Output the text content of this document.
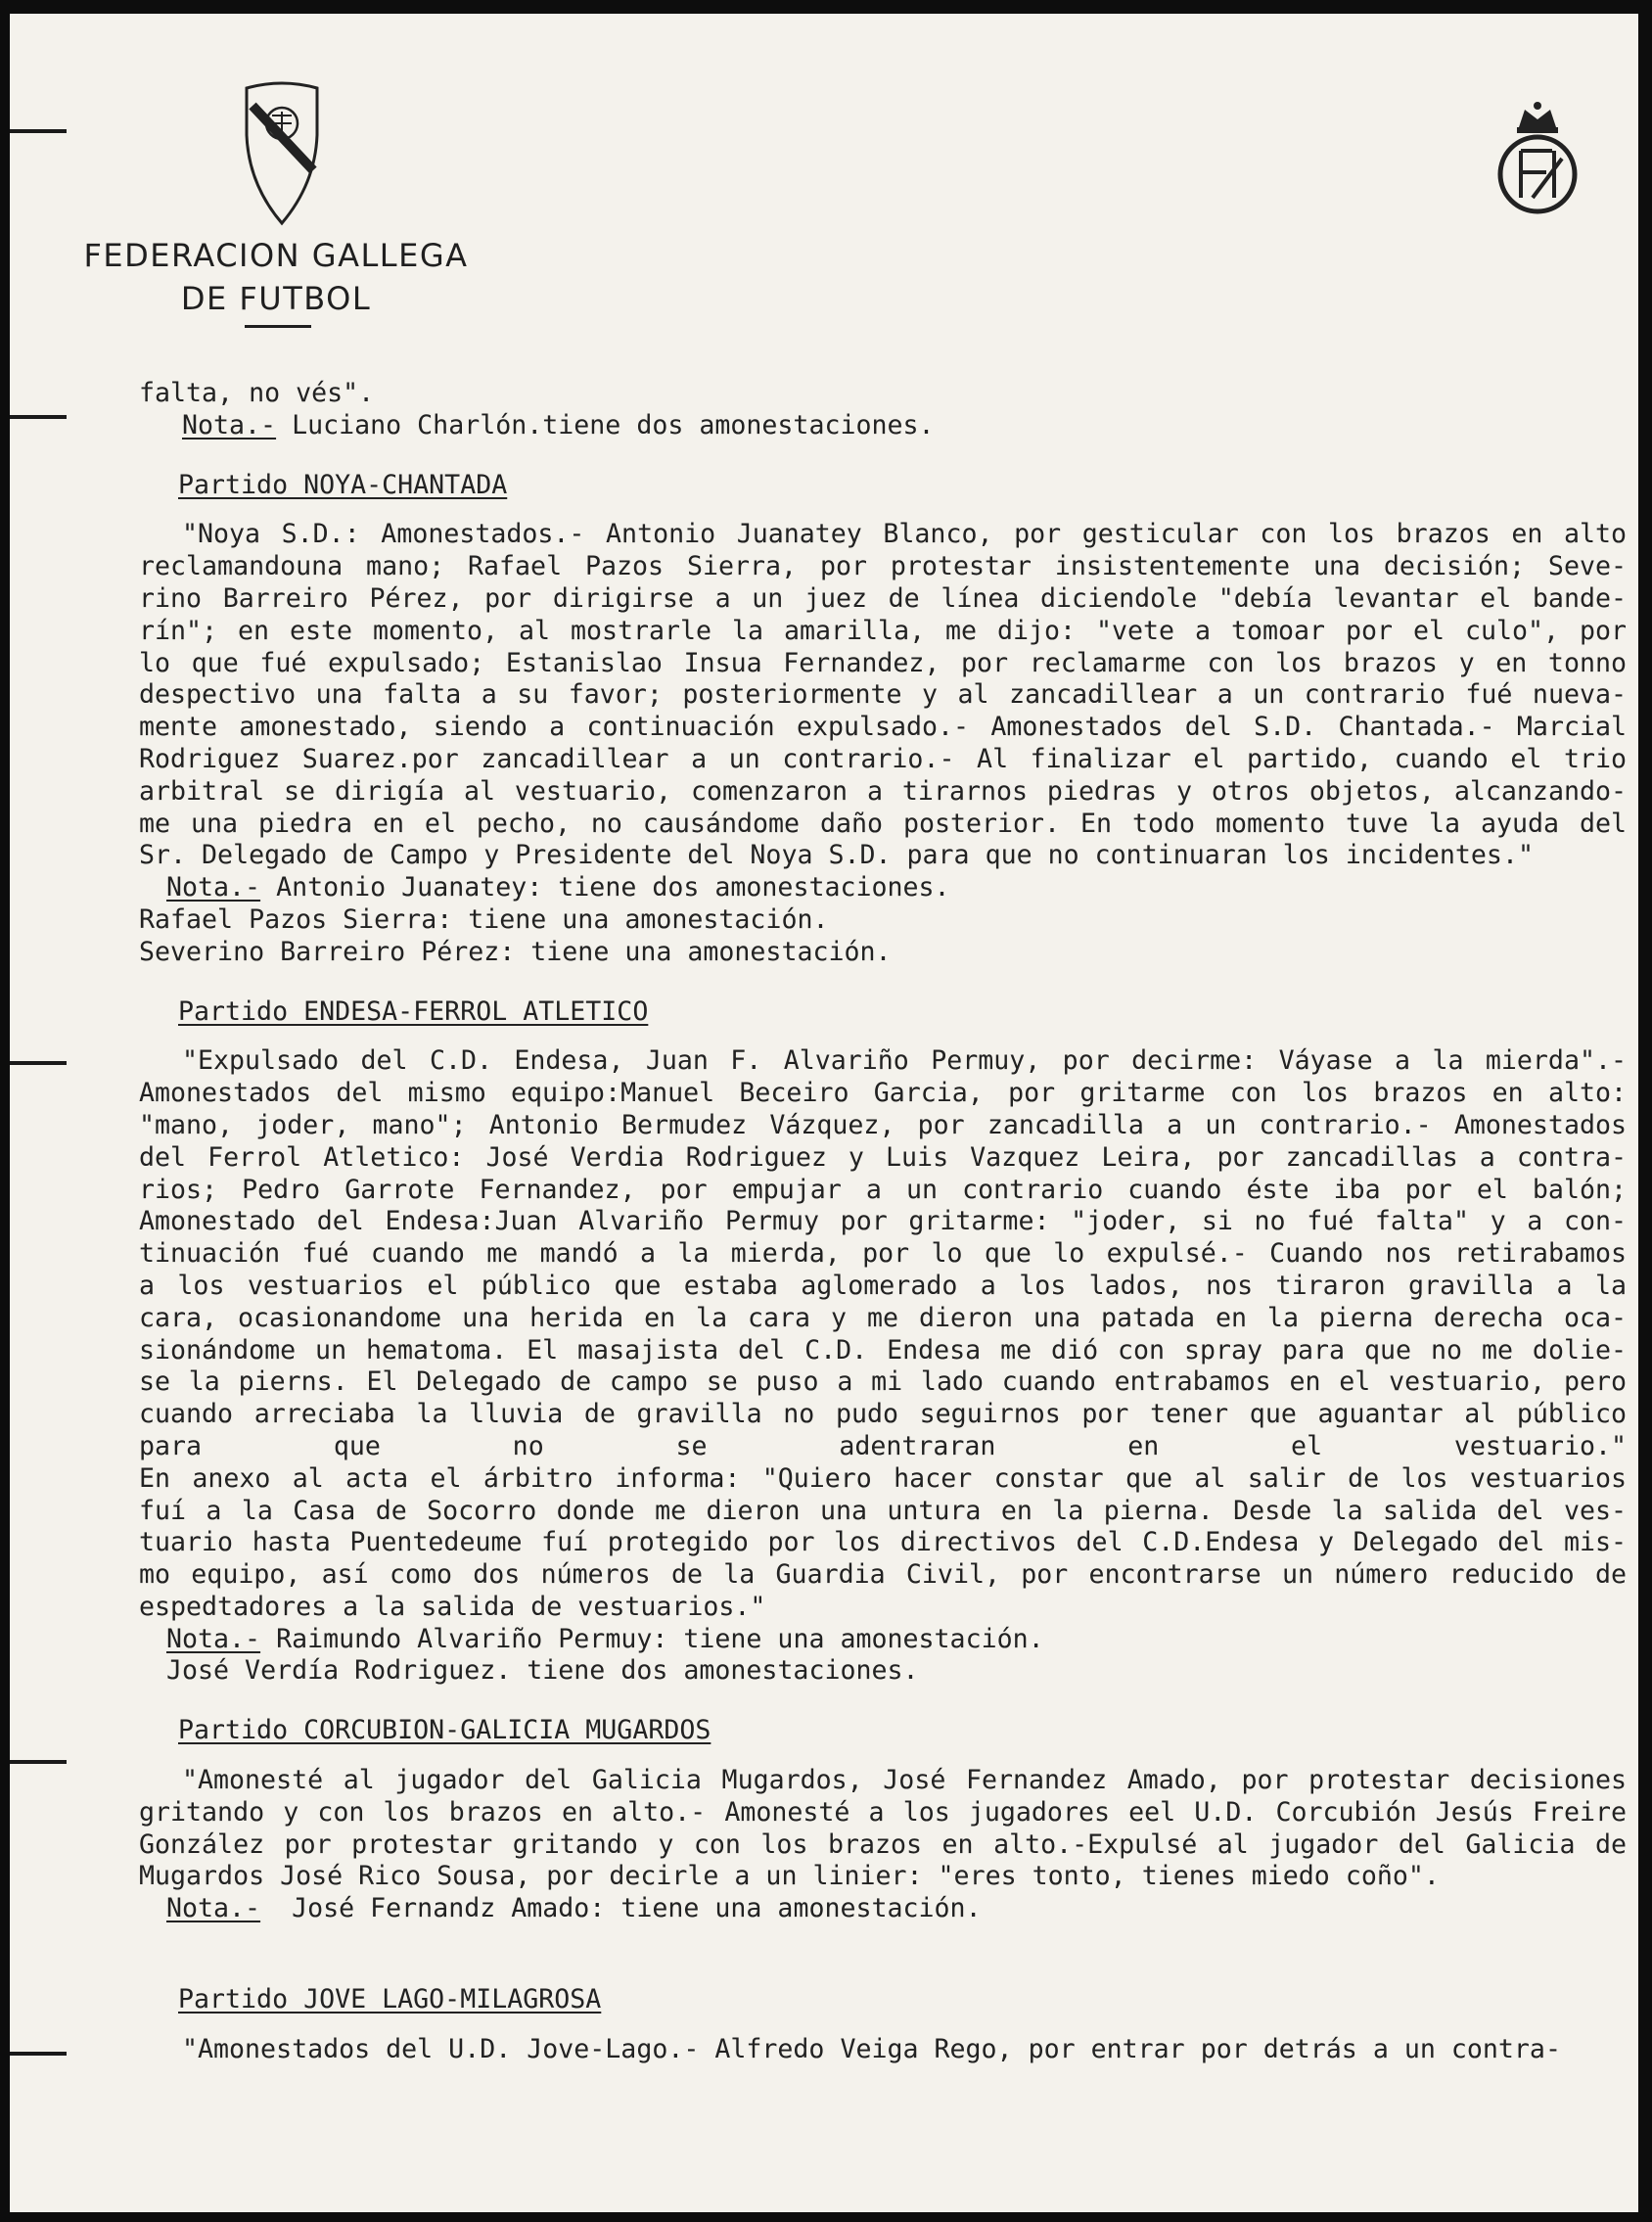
FEDERACION GALLEGA
DE FUTBOL
falta, no vés".
Nota.- Luciano Charlón.tiene dos amonestaciones.
Partido NOYA-CHANTADA
"Noya S.D.: Amonestados.- Antonio Juanatey Blanco, por gesticular con los brazos en alto
reclamandouna mano; Rafael Pazos Sierra, por protestar insistentemente una decisión; Seve-
rino Barreiro Pérez, por dirigirse a un juez de línea diciendole "debía levantar el bande-
rín"; en este momento, al mostrarle la amarilla, me dijo: "vete a tomoar por el culo", por
lo que fué expulsado; Estanislao Insua Fernandez, por reclamarme con los brazos y en tonno
despectivo una falta a su favor; posteriormente y al zancadillear a un contrario fué nueva-
mente amonestado, siendo a continuación expulsado.- Amonestados del S.D. Chantada.- Marcial
Rodriguez Suarez.por zancadillear a un contrario.- Al finalizar el partido, cuando el trio
arbitral se dirigía al vestuario, comenzaron a tirarnos piedras y otros objetos, alcanzando-
me una piedra en el pecho, no causándome daño posterior. En todo momento tuve la ayuda del
Sr. Delegado de Campo y Presidente del Noya S.D. para que no continuaran los incidentes."
Nota.- Antonio Juanatey: tiene dos amonestaciones.
Rafael Pazos Sierra: tiene una amonestación.
Severino Barreiro Pérez: tiene una amonestación.
Partido ENDESA-FERROL ATLETICO
"Expulsado del C.D. Endesa, Juan F. Alvariño Permuy, por decirme: Váyase a la mierda".-
Amonestados del mismo equipo:Manuel Beceiro Garcia, por gritarme con los brazos en alto:
"mano, joder, mano"; Antonio Bermudez Vázquez, por zancadilla a un contrario.- Amonestados
del Ferrol Atletico: José Verdia Rodriguez y Luis Vazquez Leira, por zancadillas a contra-
rios; Pedro Garrote Fernandez, por empujar a un contrario cuando éste iba por el balón;
Amonestado del Endesa:Juan Alvariño Permuy por gritarme: "joder, si no fué falta" y a con-
tinuación fué cuando me mandó a la mierda, por lo que lo expulsé.- Cuando nos retirabamos
a los vestuarios el público que estaba aglomerado a los lados, nos tiraron gravilla a la
cara, ocasionandome una herida en la cara y me dieron una patada en la pierna derecha oca-
sionándome un hematoma. El masajista del C.D. Endesa me dió con spray para que no me dolie-
se la pierns. El Delegado de campo se puso a mi lado cuando entrabamos en el vestuario, pero
cuando arreciaba la lluvia de gravilla no pudo seguirnos por tener que aguantar al público
para que no se adentraran en el vestuario."
En anexo al acta el árbitro informa: "Quiero hacer constar que al salir de los vestuarios
fuí a la Casa de Socorro donde me dieron una untura en la pierna. Desde la salida del ves-
tuario hasta Puentedeume fuí protegido por los directivos del C.D.Endesa y Delegado del mis-
mo equipo, así como dos números de la Guardia Civil, por encontrarse un número reducido de
espedtadores a la salida de vestuarios."
Nota.- Raimundo Alvariño Permuy: tiene una amonestación.
José Verdía Rodriguez. tiene dos amonestaciones.
Partido CORCUBION-GALICIA MUGARDOS
"Amonesté al jugador del Galicia Mugardos, José Fernandez Amado, por protestar decisiones
gritando y con los brazos en alto.- Amonesté a los jugadores eel U.D. Corcubión Jesús Freire
González por protestar gritando y con los brazos en alto.-Expulsé al jugador del Galicia de
Mugardos José Rico Sousa, por decirle a un linier: "eres tonto, tienes miedo coño".
Nota.-  José Fernandz Amado: tiene una amonestación.
Partido JOVE LAGO-MILAGROSA
"Amonestados del U.D. Jove-Lago.- Alfredo Veiga Rego, por entrar por detrás a un contra-
